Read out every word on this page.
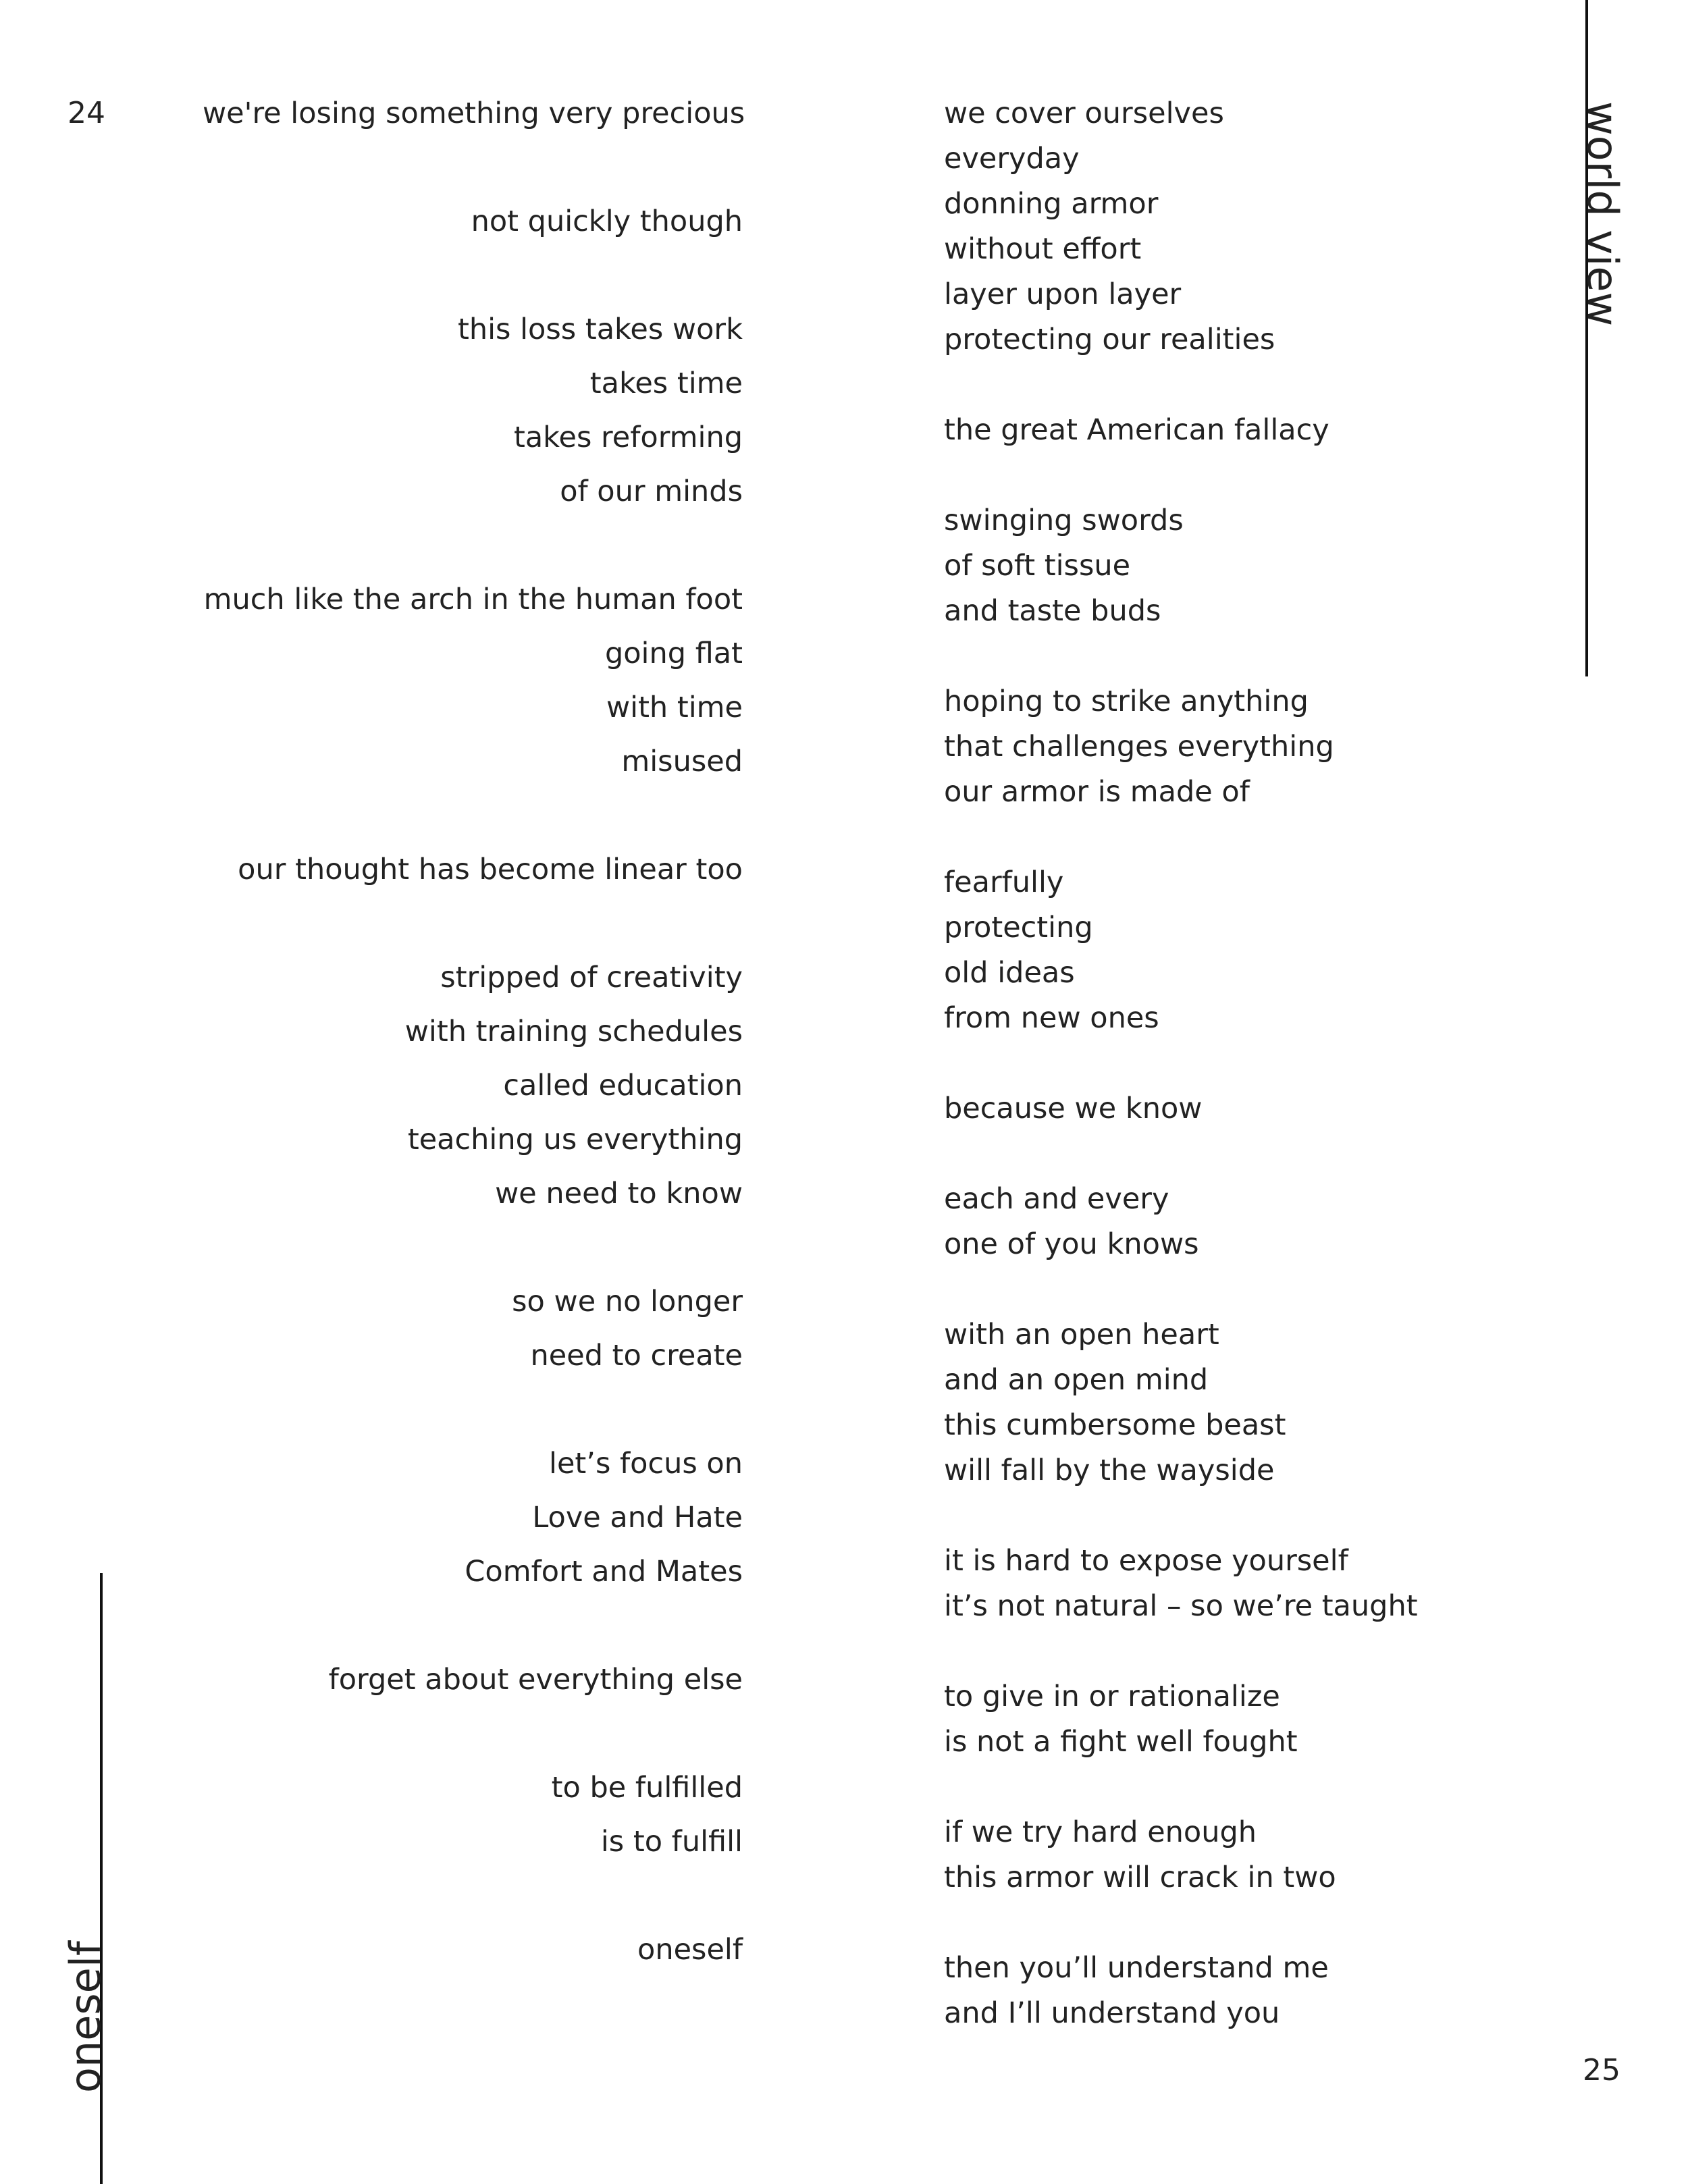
24

25

we're losing something very precious
not quickly though
this loss takes work
takes time
takes reforming
of our minds
much like the arch in the human foot
going flat
with time
misused
our thought has become linear too
stripped of creativity
with training schedules
called education
teaching us everything
we need to know
so we no longer
need to create
let’s focus on
Love and Hate
Comfort and Mates
forget about everything else
to be fulfilled
is to fulfill
oneself
we cover ourselves
everyday
donning armor
without effort
layer upon layer
protecting our realities
the great American fallacy
swinging swords
of soft tissue
and taste buds
hoping to strike anything
that challenges everything
our armor is made of
fearfully
protecting
old ideas
from new ones
because we know
each and every
one of you knows
with an open heart
and an open mind
this cumbersome beast
will fall by the wayside
it is hard to expose yourself
it’s not natural – so we’re taught
to give in or rationalize
is not a fight well fought
if we try hard enough
this armor will crack in two
then you’ll understand me
and I’ll understand you

world view

oneself
